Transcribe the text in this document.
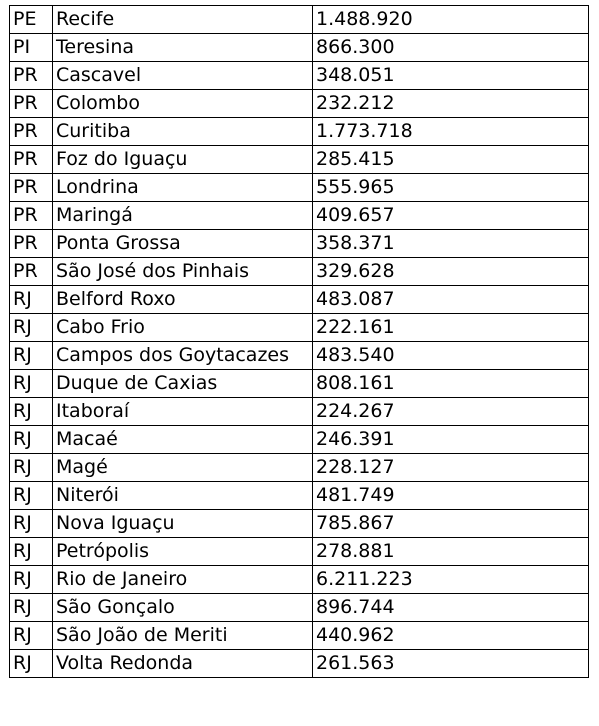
PE	Recife	1.488.920
PI	Teresina	866.300
PR	Cascavel	348.051
PR	Colombo	232.212
PR	Curitiba	1.773.718
PR	Foz do Iguaçu	285.415
PR	Londrina	555.965
PR	Maringá	409.657
PR	Ponta Grossa	358.371
PR	São José dos Pinhais	329.628
RJ	Belford Roxo	483.087
RJ	Cabo Frio	222.161
RJ	Campos dos Goytacazes	483.540
RJ	Duque de Caxias	808.161
RJ	Itaboraí	224.267
RJ	Macaé	246.391
RJ	Magé	228.127
RJ	Niterói	481.749
RJ	Nova Iguaçu	785.867
RJ	Petrópolis	278.881
RJ	Rio de Janeiro	6.211.223
RJ	São Gonçalo	896.744
RJ	São João de Meriti	440.962
RJ	Volta Redonda	261.563
